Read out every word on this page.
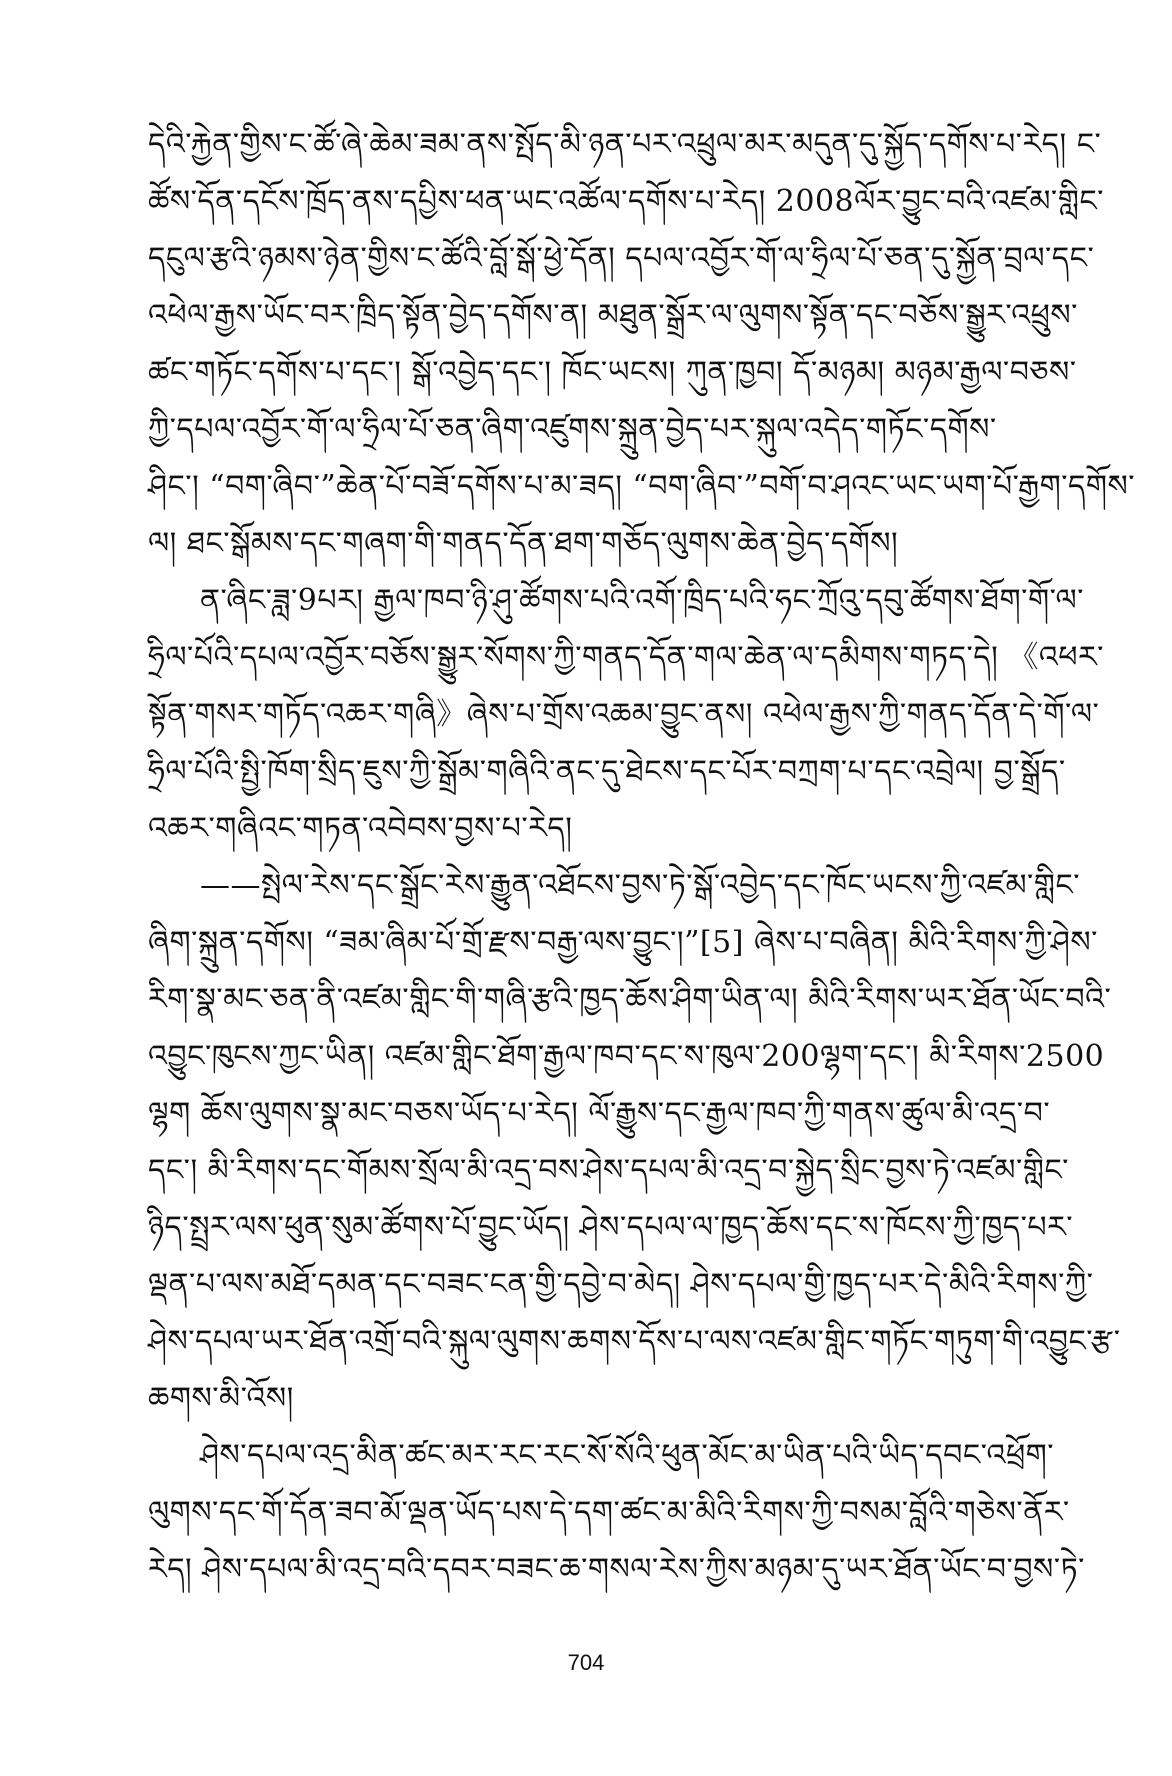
དེའི་རྐྱེན་གྱིས་ང་ཚོ་ཞེ་ཆེམ་ཟམ་ནས་སྤོད་མི་ཉན་པར་འཕྲུལ་མར་མདུན་དུ་སྐྱོད་དགོས་པ་རེད། ང་
ཚོས་དོན་དངོས་ཁྲོད་ནས་དཔྱིས་ཕན་ཡང་འཚོལ་དགོས་པ་རེད། 2008ལོར་བྱུང་བའི་འཛམ་གླིང་
དངུལ་རྩའི་ཉམས་ཉེན་གྱིས་ང་ཚོའི་བློ་སྒོ་ཕྱེ་དོན། དཔལ་འབྱོར་གོ་ལ་ཧྲིལ་པོ་ཅན་དུ་སྐྱོན་བྲལ་དང་
འཕེལ་རྒྱས་ཡོང་བར་ཁྲིད་སྟོན་བྱེད་དགོས་ན། མཐུན་སྒྲོར་ལ་ལུགས་སྟོན་དང་བཅོས་སྒྱུར་འཕྲུས་
ཚང་གཏོང་དགོས་པ་དང་། སྒོ་འབྱེད་དང་། ཁོང་ཡངས། ཀུན་ཁྱབ། དོ་མཉམ། མཉམ་རྒྱལ་བཅས་
ཀྱི་དཔལ་འབྱོར་གོ་ལ་ཧྲིལ་པོ་ཅན་ཞིག་འཛུགས་སྐྲུན་བྱེད་པར་སྐུལ་འདེད་གཏོང་དགོས་
ཤིང་། “བག་ཞིབ་”ཆེན་པོ་བཟོ་དགོས་པ་མ་ཟད། “བག་ཞིབ་”བགོ་བ་ཤའང་ཡང་ཡག་པོ་རྒྱག་དགོས་
ལ། ཐང་སྒོམས་དང་གཞག་གི་གནད་དོན་ཐག་གཅོད་ལུགས་ཆེན་བྱེད་དགོས།
ན་ཞིང་ཟླ་9པར། རྒྱལ་ཁབ་ཉི་ཤུ་ཚོགས་པའི་འགོ་ཁྲིད་པའི་ཧང་ཀྲོའུ་དབུ་ཚོགས་ཐོག་གོ་ལ་
ཧྲིལ་པོའི་དཔལ་འབྱོར་བཅོས་སྒྱུར་སོགས་ཀྱི་གནད་དོན་གལ་ཆེན་ལ་དམིགས་གཏད་དེ། 《འཕར་
སྟོན་གསར་གཏོད་འཆར་གཞི》ཞེས་པ་གྲོས་འཆམ་བྱུང་ནས། འཕེལ་རྒྱས་ཀྱི་གནད་དོན་དེ་གོ་ལ་
ཧྲིལ་པོའི་སྤྱི་ཁོག་སྲིད་ཇུས་ཀྱི་སྒྲོམ་གཞིའི་ནང་དུ་ཐེངས་དང་པོར་བཀྲག་པ་དང་འབྲེལ། བྱ་སྒྲོད་
འཆར་གཞིའང་གཏན་འབེབས་བྱས་པ་རེད།
——སྤེལ་རེས་དང་སྒྲོང་རེས་རྒྱུན་འཐོངས་བྱས་ཏེ་སྒོ་འབྱེད་དང་ཁོང་ཡངས་ཀྱི་འཛམ་གླིང་
ཞིག་སྐྲུན་དགོས། “ཟམ་ཞིམ་པོ་གྲོ་རྫས་བརྒྱ་ལས་བྱུང་།”[5] ཞེས་པ་བཞིན། མིའི་རིགས་ཀྱི་ཤེས་
རིག་སྣ་མང་ཅན་ནི་འཛམ་གླིང་གི་གཞི་རྩའི་ཁྱད་ཆོས་ཤིག་ཡིན་ལ། མིའི་རིགས་ཡར་ཐོན་ཡོང་བའི་
འབྱུང་ཁུངས་ཀྱང་ཡིན། འཛམ་གླིང་ཐོག་རྒྱལ་ཁབ་དང་ས་ཁུལ་200ལྷག་དང་། མི་རིགས་2500
ལྷག ཆོས་ལུགས་སྣ་མང་བཅས་ཡོད་པ་རེད། ལོ་རྒྱུས་དང་རྒྱལ་ཁབ་ཀྱི་གནས་ཚུལ་མི་འདྲ་བ་
དང་། མི་རིགས་དང་གོམས་སྲོལ་མི་འདྲ་བས་ཤེས་དཔལ་མི་འདྲ་བ་སྐྱེད་སྲིང་བྱས་ཏེ་འཛམ་གླིང་
ཉིད་སྤྲར་ལས་ཕུན་སུམ་ཚོགས་པོ་བྱུང་ཡོད། ཤེས་དཔལ་ལ་ཁྱད་ཆོས་དང་ས་ཁོངས་ཀྱི་ཁྱད་པར་
ལྡན་པ་ལས་མཐོ་དམན་དང་བཟང་ངན་གྱི་དབྱེ་བ་མེད། ཤེས་དཔལ་གྱི་ཁྱད་པར་དེ་མིའི་རིགས་ཀྱི་
ཤེས་དཔལ་ཡར་ཐོན་འགྲོ་བའི་སྐུལ་ལུགས་ཆགས་དོས་པ་ལས་འཛམ་གླིང་གཏོང་གཏུག་གི་འབྱུང་རྩ་
ཆགས་མི་འོས།
ཤེས་དཔལ་འདྲ་མིན་ཚང་མར་རང་རང་སོ་སོའི་ཕུན་མོང་མ་ཡིན་པའི་ཡིད་དབང་འཕྲོག་
ལུགས་དང་གོ་དོན་ཟབ་མོ་ལྡན་ཡོད་པས་དེ་དག་ཚང་མ་མིའི་རིགས་ཀྱི་བསམ་བློའི་གཅེས་ནོར་
རེད། ཤེས་དཔལ་མི་འདྲ་བའི་དབར་བཟང་ཆ་གསལ་རེས་ཀྱིས་མཉམ་དུ་ཡར་ཐོན་ཡོང་བ་བྱས་ཏེ་
704
